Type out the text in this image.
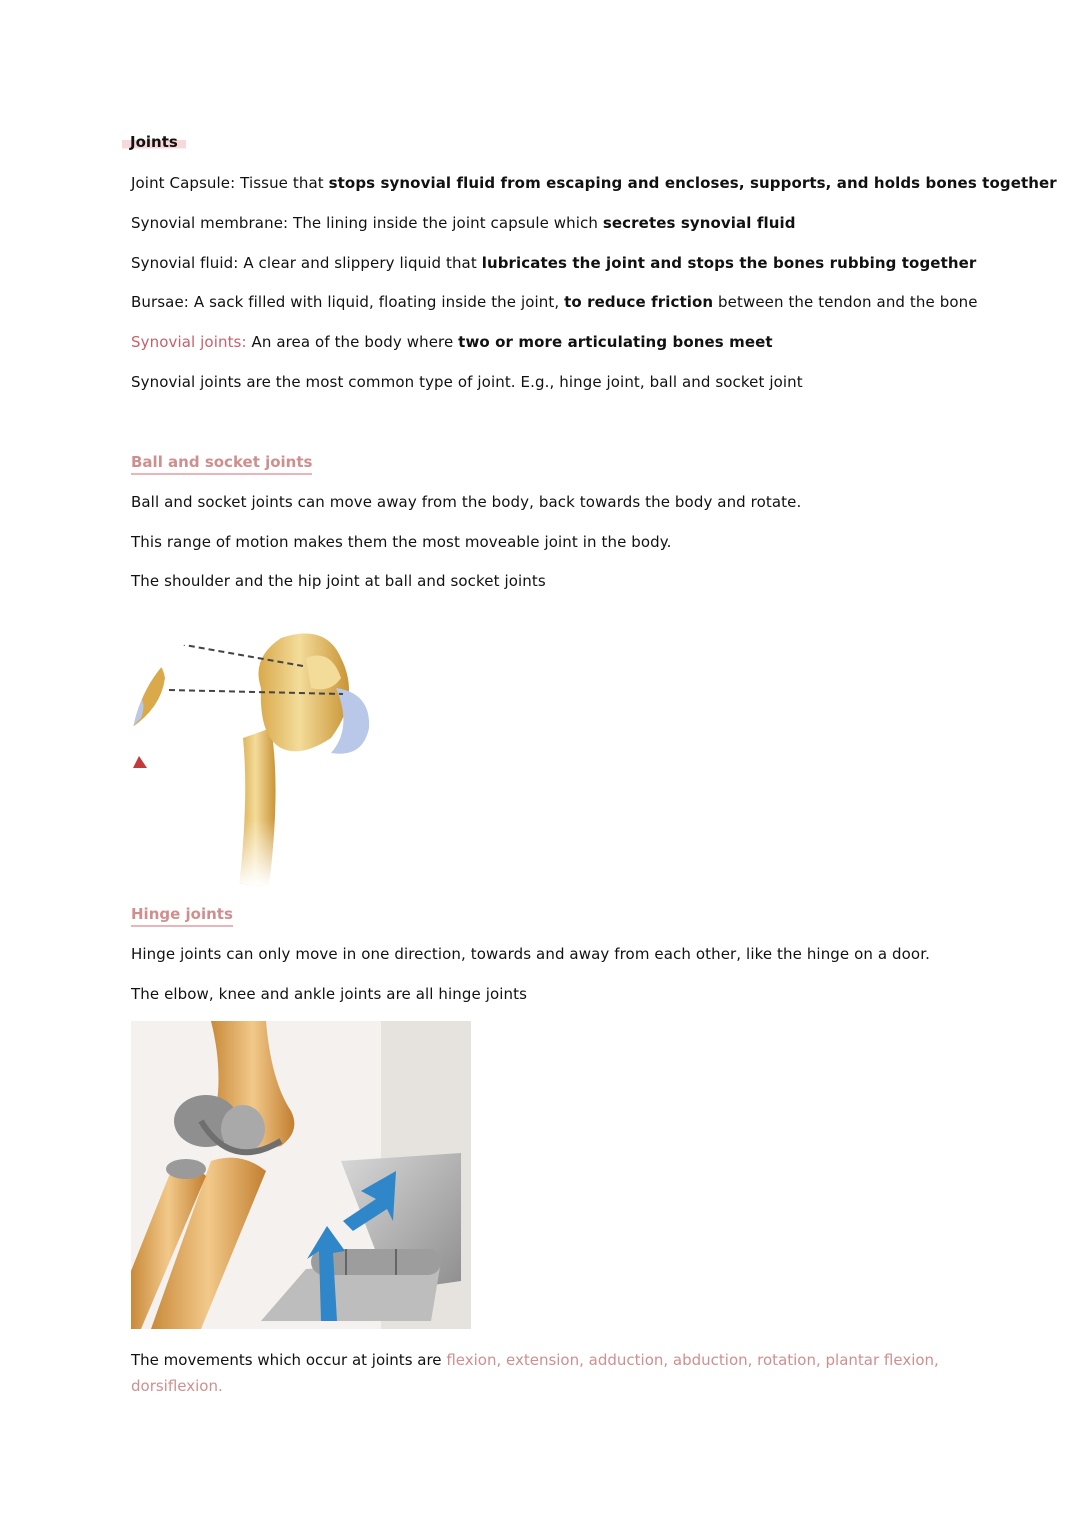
Joints
Joint Capsule: Tissue that stops synovial fluid from escaping and encloses, supports, and holds bones together
Synovial membrane: The lining inside the joint capsule which secretes synovial fluid
Synovial fluid: A clear and slippery liquid that lubricates the joint and stops the bones rubbing together
Bursae: A sack filled with liquid, floating inside the joint, to reduce friction between the tendon and the bone
Synovial joints: An area of the body where two or more articulating bones meet
Synovial joints are the most common type of joint. E.g., hinge joint, ball and socket joint
Ball and socket joints
Ball and socket joints can move away from the body, back towards the body and rotate.
This range of motion makes them the most moveable joint in the body.
The shoulder and the hip joint at ball and socket joints
Hinge joints
Hinge joints can only move in one direction, towards and away from each other, like the hinge on a door.
The elbow, knee and ankle joints are all hinge joints
The movements which occur at joints are flexion, extension, adduction, abduction, rotation, plantar flexion, dorsiflexion.
